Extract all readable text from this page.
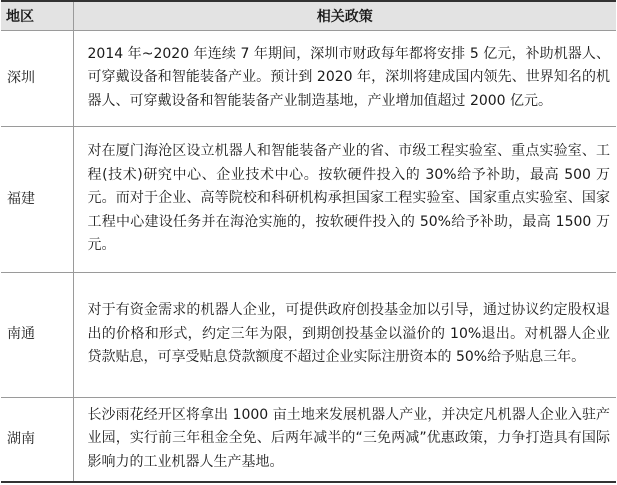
地区	相关政策
深圳	2014 年~2020 年连续 7 年期间，深圳市财政每年都将安排 5 亿元，补助机器人、可穿戴设备和智能装备产业。预计到 2020 年，深圳将建成国内领先、世界知名的机器人、可穿戴设备和智能装备产业制造基地，产业增加值超过 2000 亿元。
福建	对在厦门海沧区设立机器人和智能装备产业的省、市级工程实验室、重点实验室、工程(技术)研究中心、企业技术中心。按软硬件投入的 30%给予补助，最高 500 万元。而对于企业、高等院校和科研机构承担国家工程实验室、国家重点实验室、国家工程中心建设任务并在海沧实施的，按软硬件投入的 50%给予补助，最高 1500 万元。
南通	对于有资金需求的机器人企业，可提供政府创投基金加以引导，通过协议约定股权退出的价格和形式，约定三年为限，到期创投基金以溢价的 10%退出。对机器人企业贷款贴息，可享受贴息贷款额度不超过企业实际注册资本的 50%给予贴息三年。
湖南	长沙雨花经开区将拿出 1000 亩土地来发展机器人产业，并决定凡机器人企业入驻产业园，实行前三年租金全免、后两年减半的“三免两减”优惠政策，力争打造具有国际影响力的工业机器人生产基地。
